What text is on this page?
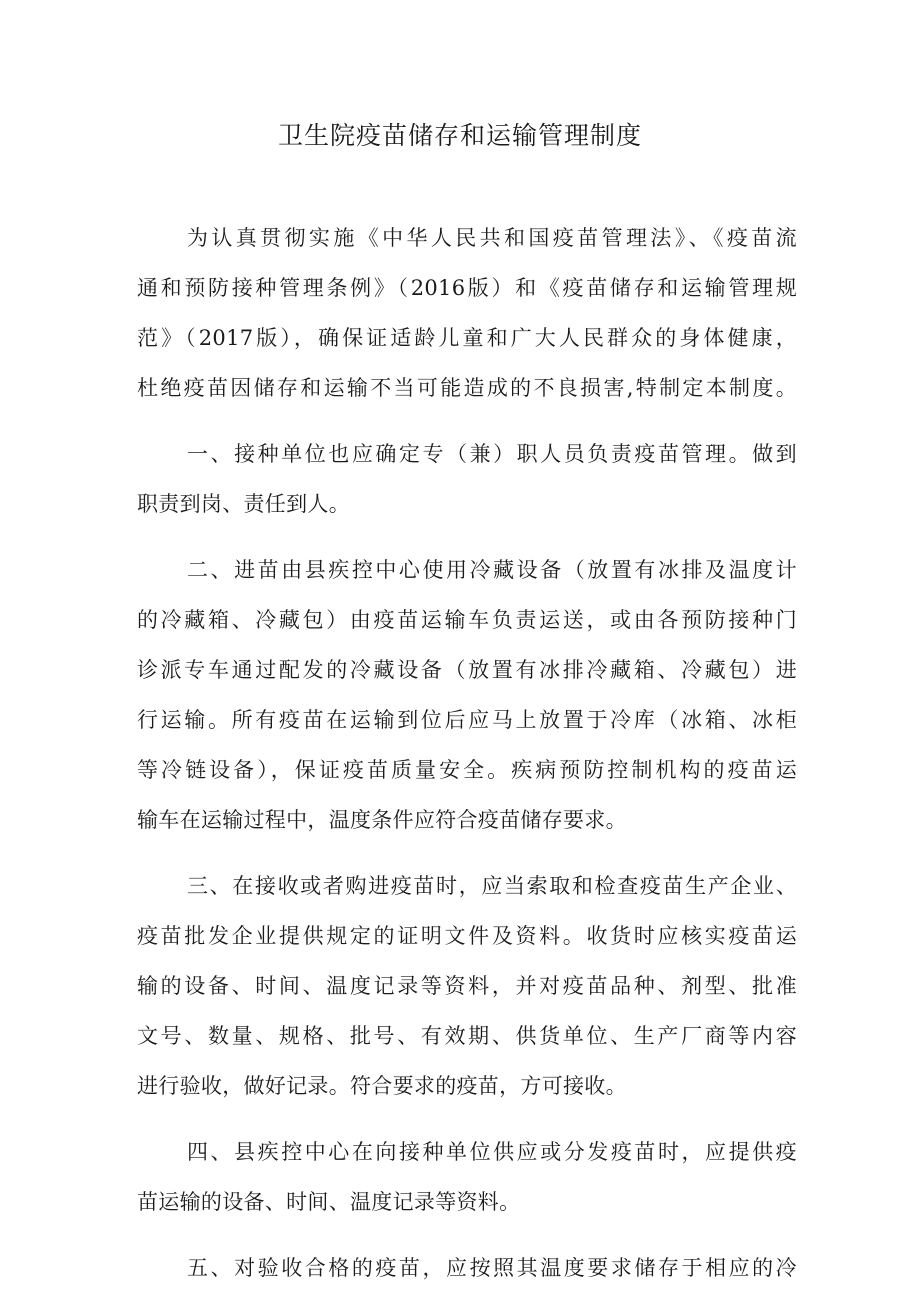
卫生院疫苗储存和运输管理制度
为认真贯彻实施《中华人民共和国疫苗管理法》、《疫苗流
通和预防接种管理条例》（2016版）和《疫苗储存和运输管理规
范》（2017版），确保证适龄儿童和广大人民群众的身体健康，
杜绝疫苗因储存和运输不当可能造成的不良损害,特制定本制度。
一、接种单位也应确定专（兼）职人员负责疫苗管理。做到
职责到岗、责任到人。
二、进苗由县疾控中心使用冷藏设备（放置有冰排及温度计
的冷藏箱、冷藏包）由疫苗运输车负责运送，或由各预防接种门
诊派专车通过配发的冷藏设备（放置有冰排冷藏箱、冷藏包）进
行运输。所有疫苗在运输到位后应马上放置于冷库（冰箱、冰柜
等冷链设备），保证疫苗质量安全。疾病预防控制机构的疫苗运
输车在运输过程中，温度条件应符合疫苗储存要求。
三、在接收或者购进疫苗时，应当索取和检查疫苗生产企业、
疫苗批发企业提供规定的证明文件及资料。收货时应核实疫苗运
输的设备、时间、温度记录等资料，并对疫苗品种、剂型、批准
文号、数量、规格、批号、有效期、供货单位、生产厂商等内容
进行验收，做好记录。符合要求的疫苗，方可接收。
四、县疾控中心在向接种单位供应或分发疫苗时，应提供疫
苗运输的设备、时间、温度记录等资料。
五、对验收合格的疫苗，应按照其温度要求储存于相应的冷
